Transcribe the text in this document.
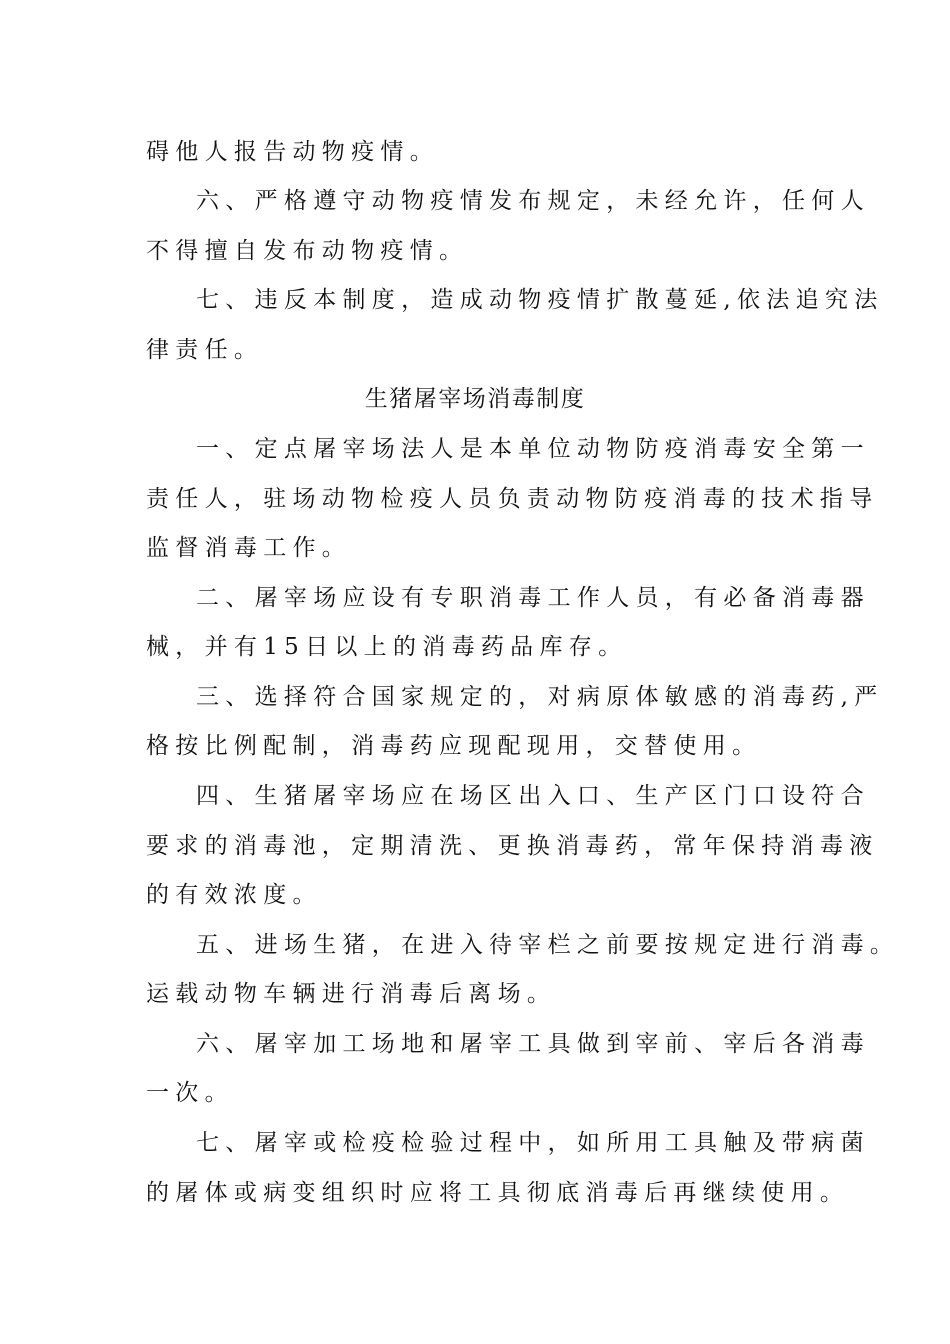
碍他人报告动物疫情。
六、严格遵守动物疫情发布规定，未经允许，任何人
不得擅自发布动物疫情。
七、违反本制度，造成动物疫情扩散蔓延,依法追究法
律责任。
生猪屠宰场消毒制度
一、定点屠宰场法人是本单位动物防疫消毒安全第一
责任人，驻场动物检疫人员负责动物防疫消毒的技术指导
监督消毒工作。
二、屠宰场应设有专职消毒工作人员，有必备消毒器
械，并有15日以上的消毒药品库存。
三、选择符合国家规定的，对病原体敏感的消毒药,严
格按比例配制，消毒药应现配现用，交替使用。
四、生猪屠宰场应在场区出入口、生产区门口设符合
要求的消毒池，定期清洗、更换消毒药，常年保持消毒液
的有效浓度。
五、进场生猪，在进入待宰栏之前要按规定进行消毒。
运载动物车辆进行消毒后离场。
六、屠宰加工场地和屠宰工具做到宰前、宰后各消毒
一次。
七、屠宰或检疫检验过程中，如所用工具触及带病菌
的屠体或病变组织时应将工具彻底消毒后再继续使用。
